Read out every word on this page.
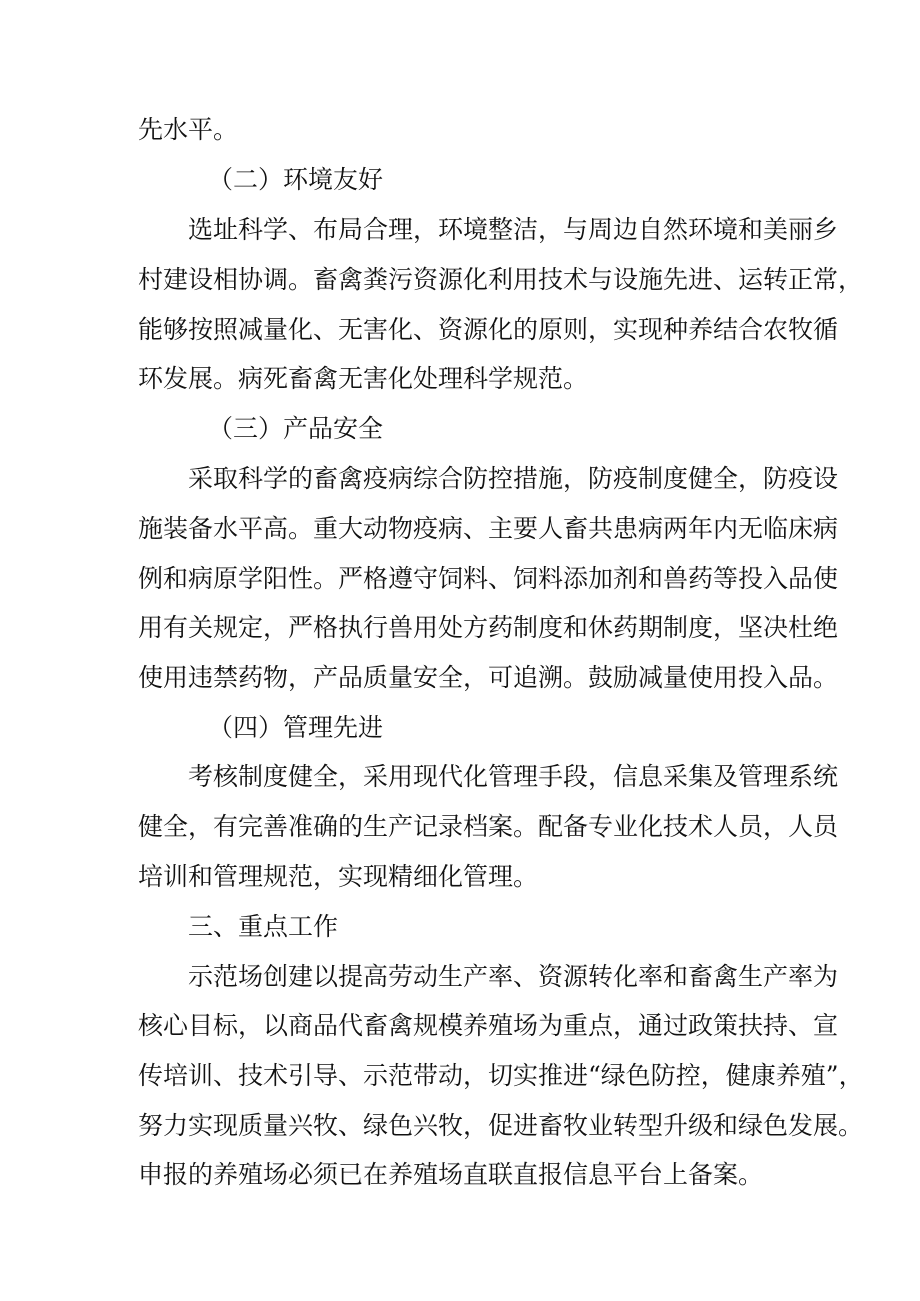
先水平。
（二）环境友好
选址科学、布局合理，环境整洁，与周边自然环境和美丽乡
村建设相协调。畜禽粪污资源化利用技术与设施先进、运转正常，
能够按照减量化、无害化、资源化的原则，实现种养结合农牧循
环发展。病死畜禽无害化处理科学规范。
（三）产品安全
采取科学的畜禽疫病综合防控措施，防疫制度健全，防疫设
施装备水平高。重大动物疫病、主要人畜共患病两年内无临床病
例和病原学阳性。严格遵守饲料、饲料添加剂和兽药等投入品使
用有关规定，严格执行兽用处方药制度和休药期制度，坚决杜绝
使用违禁药物，产品质量安全，可追溯。鼓励减量使用投入品。
（四）管理先进
考核制度健全，采用现代化管理手段，信息采集及管理系统
健全，有完善准确的生产记录档案。配备专业化技术人员，人员
培训和管理规范，实现精细化管理。
三、重点工作
示范场创建以提高劳动生产率、资源转化率和畜禽生产率为
核心目标，以商品代畜禽规模养殖场为重点，通过政策扶持、宣
传培训、技术引导、示范带动，切实推进“绿色防控，健康养殖”，
努力实现质量兴牧、绿色兴牧，促进畜牧业转型升级和绿色发展。
申报的养殖场必须已在养殖场直联直报信息平台上备案。
